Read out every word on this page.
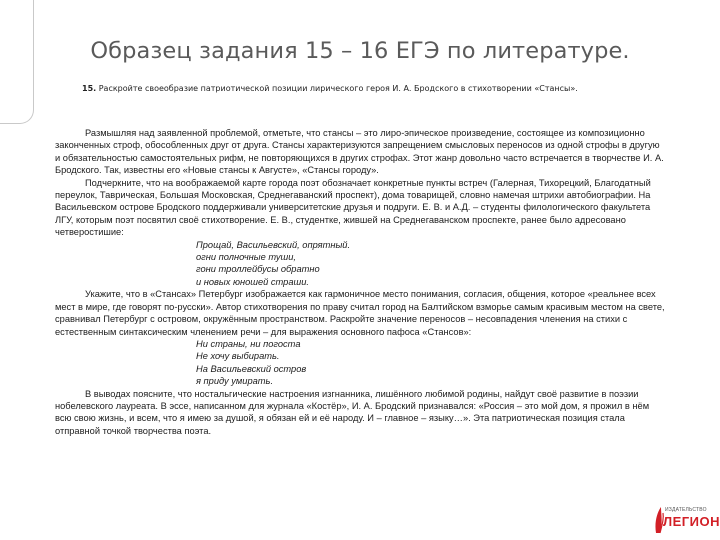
Образец задания 15 – 16 ЕГЭ по литературе.
15. Раскройте своеобразие патриотической позиции лирического героя И. А. Бродского в стихотворении «Стансы».

Размышляя над заявленной проблемой, отметьте, что стансы – это лиро-эпическое произведение, состоящее из композиционно законченных строф, обособленных друг от друга. Стансы характеризуются запрещением смысловых переносов из одной строфы в другую и обязательностью самостоятельных рифм, не повторяющихся в других строфах. Этот жанр довольно часто встречается в творчестве И. А. Бродского. Так, известны его «Новые стансы к Августе», «Стансы городу».

Подчеркните, что на воображаемой карте города поэт обозначает конкретные пункты встреч (Галерная, Тихорецкий, Благодатный переулок, Таврическая, Большая Московская, Среднегаванский проспект), дома товарищей, словно намечая штрихи автобиографии. На Васильевском острове Бродского поддерживали университетские друзья и подруги. Е. В. и А.Д. – студенты филологического факультета ЛГУ, которым поэт посвятил своё стихотворение. Е. В., студентке, жившей на Среднегаванском проспекте, ранее было адресовано четверостишие:

Прощай, Васильевский, опрятный.
огни полночные туши,
гони троллейбусы обратно
и новых юношей страши.

Укажите, что в «Стансах» Петербург изображается как гармоничное место понимания, согласия, общения, которое «реальнее всех мест в мире, где говорят по-русски». Автор стихотворения по праву считал город на Балтийском взморье самым красивым местом на свете, сравнивал Петербург с островом, окружённым пространством. Раскройте значение переносов – несовпадения членения на стихи с естественным синтаксическим членением речи – для выражения основного пафоса «Стансов»:

Ни страны, ни погоста
Не хочу выбирать.
На Васильевский остров
я приду умирать.

В выводах поясните, что ностальгические настроения изгнанника, лишённого любимой родины, найдут своё развитие в поэзии нобелевского лауреата. В эссе, написанном для журнала «Костёр», И. А. Бродский признавался: «Россия – это мой дом, я прожил в нём всю свою жизнь, и всем, что я имею за душой, я обязан ей и её народу. И – главное – языку…». Эта патриотическая позиция стала отправной точкой творчества поэта.

ИЗДАТЕЛЬСТВО
ЛЕГИОН
